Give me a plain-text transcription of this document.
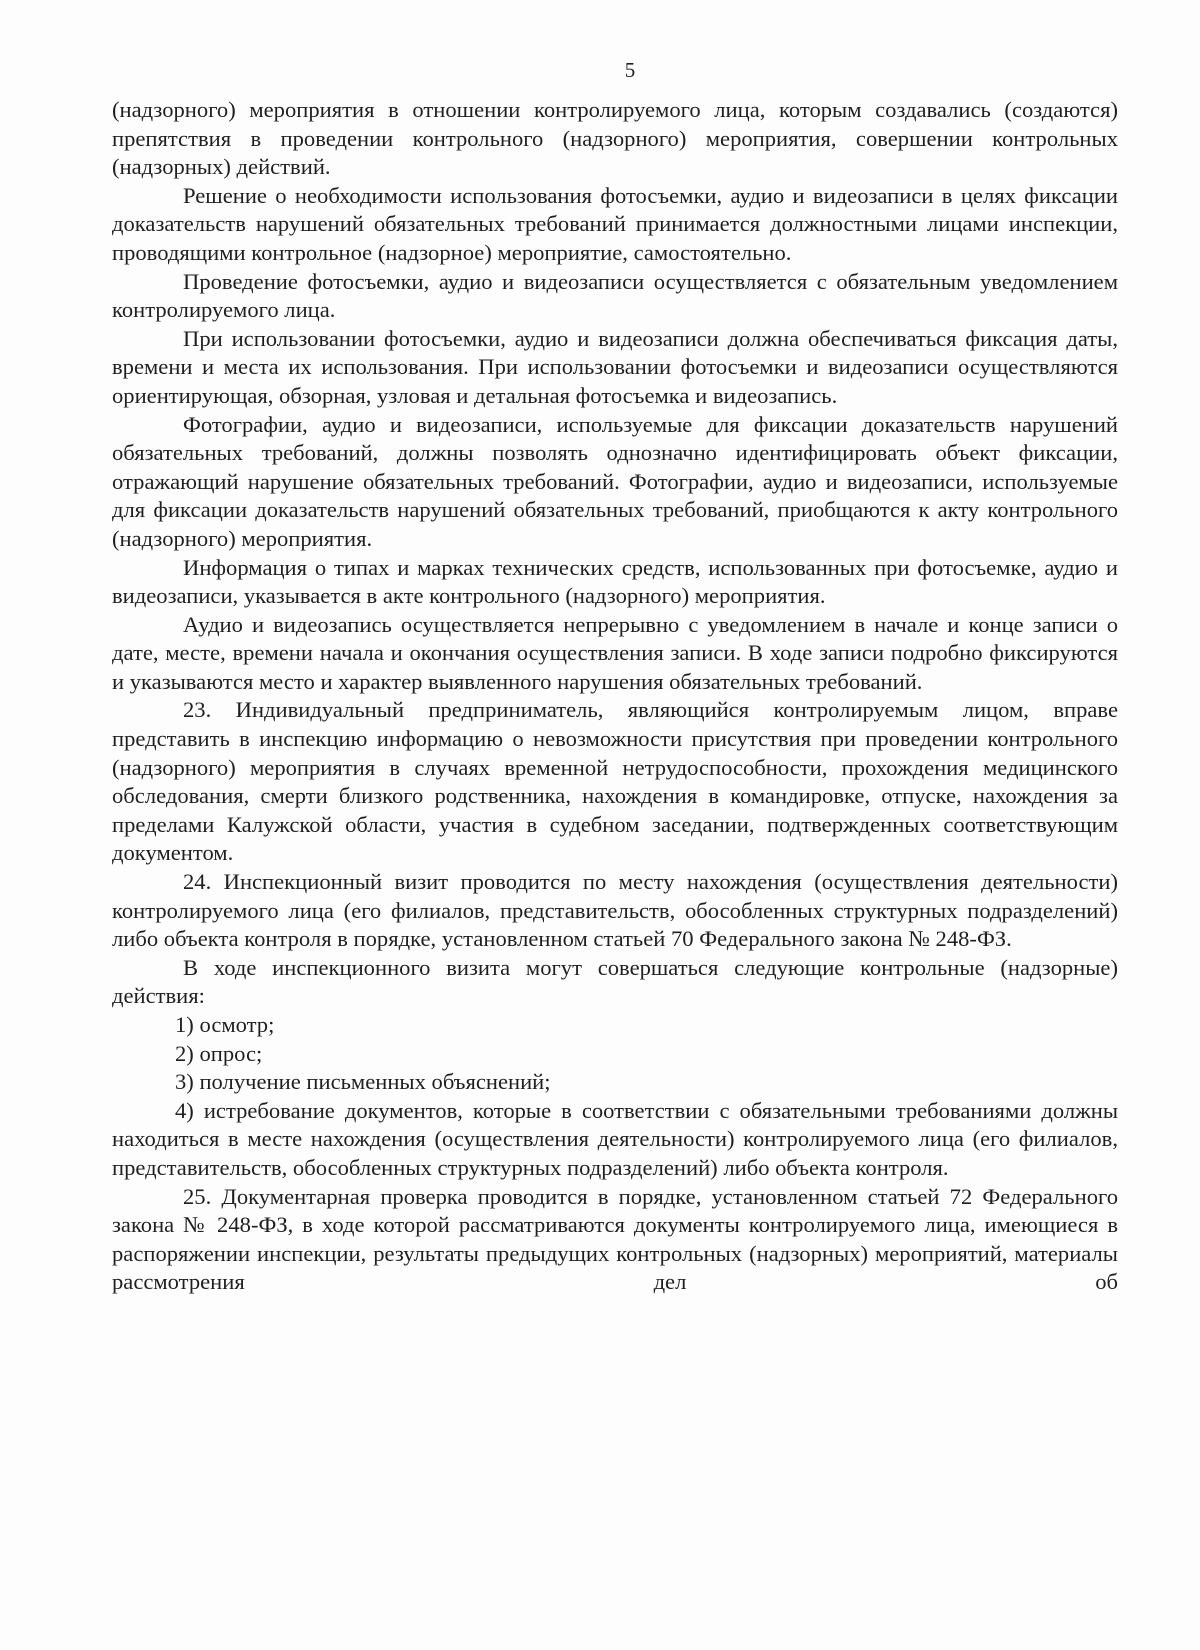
5

(надзорного) мероприятия в отношении контролируемого лица, которым создавались (создаются) препятствия в проведении контрольного (надзорного) мероприятия, совершении контрольных (надзорных) действий.

Решение о необходимости использования фотосъемки, аудио и видеозаписи в целях фиксации доказательств нарушений обязательных требований принимается должностными лицами инспекции, проводящими контрольное (надзорное) мероприятие, самостоятельно.

Проведение фотосъемки, аудио и видеозаписи осуществляется с обязательным уведомлением контролируемого лица.

При использовании фотосъемки, аудио и видеозаписи должна обеспечиваться фиксация даты, времени и места их использования. При использовании фотосъемки и видеозаписи осуществляются ориентирующая, обзорная, узловая и детальная фотосъемка и видеозапись.

Фотографии, аудио и видеозаписи, используемые для фиксации доказательств нарушений обязательных требований, должны позволять однозначно идентифицировать объект фиксации, отражающий нарушение обязательных требований. Фотографии, аудио и видеозаписи, используемые для фиксации доказательств нарушений обязательных требований, приобщаются к акту контрольного (надзорного) мероприятия.

Информация о типах и марках технических средств, использованных при фотосъемке, аудио и видеозаписи, указывается в акте контрольного (надзорного) мероприятия.

Аудио и видеозапись осуществляется непрерывно с уведомлением в начале и конце записи о дате, месте, времени начала и окончания осуществления записи. В ходе записи подробно фиксируются и указываются место и характер выявленного нарушения обязательных требований.

23. Индивидуальный предприниматель, являющийся контролируемым лицом, вправе представить в инспекцию информацию о невозможности присутствия при проведении контрольного (надзорного) мероприятия в случаях временной нетрудоспособности, прохождения медицинского обследования, смерти близкого родственника, нахождения в командировке, отпуске, нахождения за пределами Калужской области, участия в судебном заседании, подтвержденных соответствующим документом.

24. Инспекционный визит проводится по месту нахождения (осуществления деятельности) контролируемого лица (его филиалов, представительств, обособленных структурных подразделений) либо объекта контроля в порядке, установленном статьей 70 Федерального закона № 248-ФЗ.

В ходе инспекционного визита могут совершаться следующие контрольные (надзорные) действия:

1) осмотр;

2) опрос;

3) получение письменных объяснений;

4) истребование документов, которые в соответствии с обязательными требованиями должны находиться в месте нахождения (осуществления деятельности) контролируемого лица (его филиалов, представительств, обособленных структурных подразделений) либо объекта контроля.

25. Документарная проверка проводится в порядке, установленном статьей 72 Федерального закона № 248-ФЗ, в ходе которой рассматриваются документы контролируемого лица, имеющиеся в распоряжении инспекции, результаты предыдущих контрольных (надзорных) мероприятий, материалы рассмотрения дел об
